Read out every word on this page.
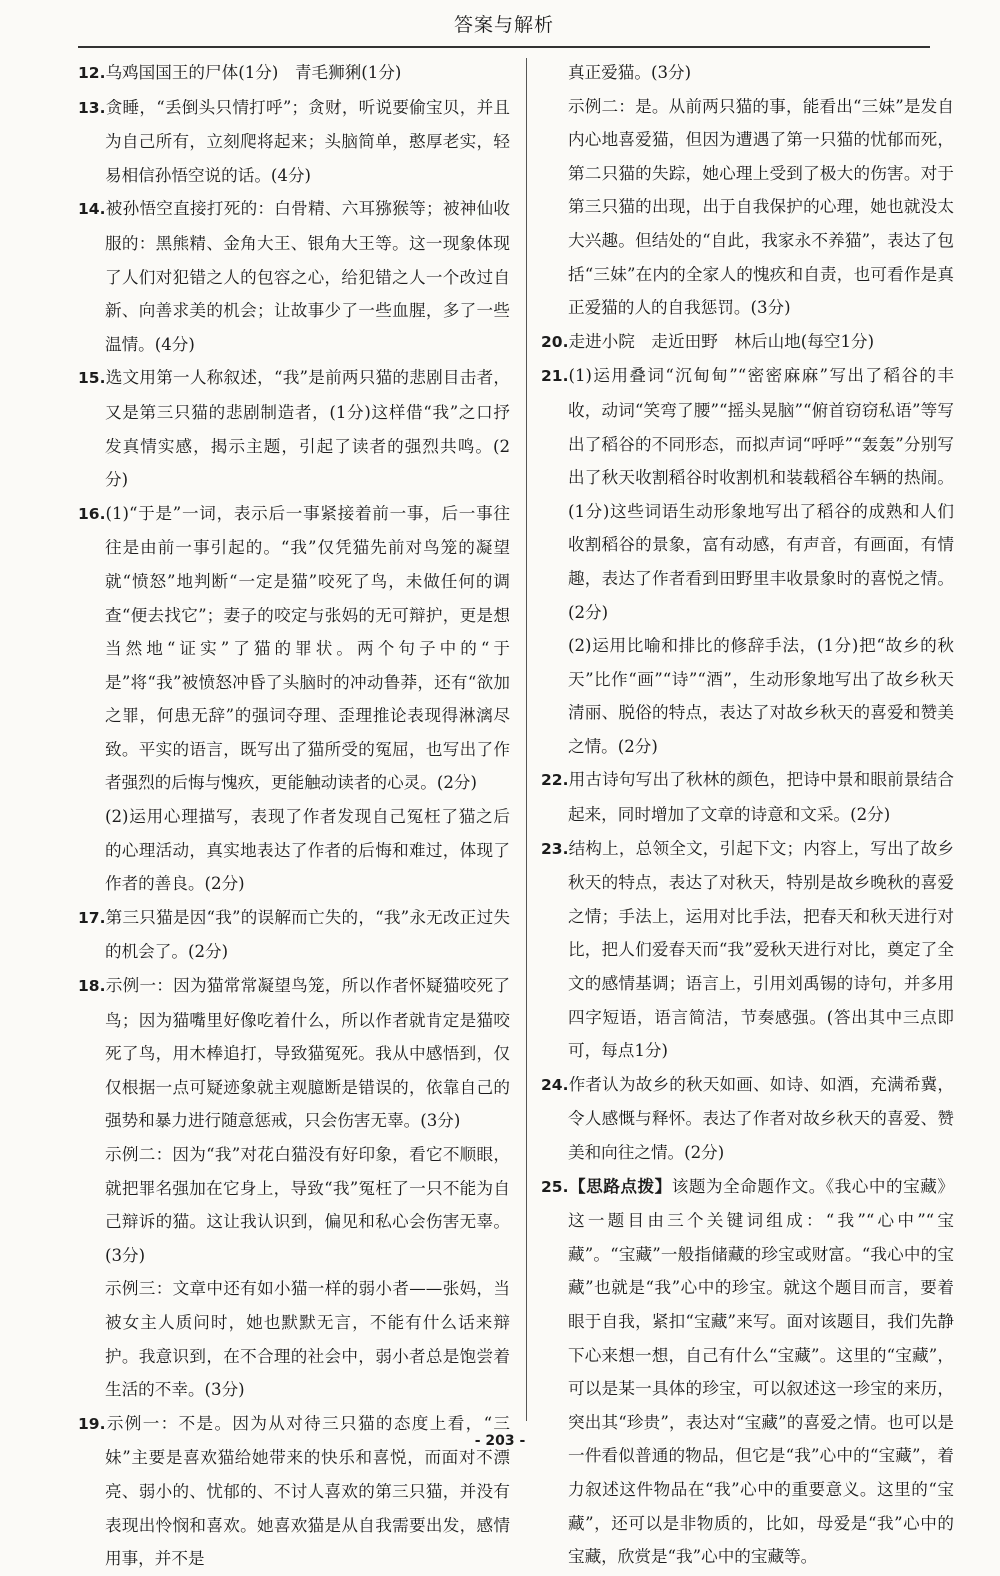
答案与解析
12.乌鸡国国王的尸体(1分)　青毛狮猁(1分)
13.贪睡，“丢倒头只情打呼”；贪财，听说要偷宝贝，并且为自己所有，立刻爬将起来；头脑简单，憨厚老实，轻易相信孙悟空说的话。(4分)
14.被孙悟空直接打死的：白骨精、六耳猕猴等；被神仙收服的：黑熊精、金角大王、银角大王等。这一现象体现了人们对犯错之人的包容之心，给犯错之人一个改过自新、向善求美的机会；让故事少了一些血腥，多了一些温情。(4分)
15.选文用第一人称叙述，“我”是前两只猫的悲剧目击者，又是第三只猫的悲剧制造者，(1分)这样借“我”之口抒发真情实感，揭示主题，引起了读者的强烈共鸣。(2分)
16.(1)“于是”一词，表示后一事紧接着前一事，后一事往往是由前一事引起的。“我”仅凭猫先前对鸟笼的凝望就“愤怒”地判断“一定是猫”咬死了鸟，未做任何的调查“便去找它”；妻子的咬定与张妈的无可辩护，更是想当然地“证实”了猫的罪状。两个句子中的“于是”将“我”被愤怒冲昏了头脑时的冲动鲁莽，还有“欲加之罪，何患无辞”的强词夺理、歪理推论表现得淋漓尽致。平实的语言，既写出了猫所受的冤屈，也写出了作者强烈的后悔与愧疚，更能触动读者的心灵。(2分)
(2)运用心理描写，表现了作者发现自己冤枉了猫之后的心理活动，真实地表达了作者的后悔和难过，体现了作者的善良。(2分)
17.第三只猫是因“我”的误解而亡失的，“我”永无改正过失的机会了。(2分)
18.示例一：因为猫常常凝望鸟笼，所以作者怀疑猫咬死了鸟；因为猫嘴里好像吃着什么，所以作者就肯定是猫咬死了鸟，用木棒追打，导致猫冤死。我从中感悟到，仅仅根据一点可疑迹象就主观臆断是错误的，依靠自己的强势和暴力进行随意惩戒，只会伤害无辜。(3分)
示例二：因为“我”对花白猫没有好印象，看它不顺眼，就把罪名强加在它身上，导致“我”冤枉了一只不能为自己辩诉的猫。这让我认识到，偏见和私心会伤害无辜。(3分)
示例三：文章中还有如小猫一样的弱小者——张妈，当被女主人质问时，她也默默无言，不能有什么话来辩护。我意识到，在不合理的社会中，弱小者总是饱尝着生活的不幸。(3分)
19.示例一：不是。因为从对待三只猫的态度上看，“三妹”主要是喜欢猫给她带来的快乐和喜悦，而面对不漂亮、弱小的、忧郁的、不讨人喜欢的第三只猫，并没有表现出怜悯和喜欢。她喜欢猫是从自我需要出发，感情用事，并不是
真正爱猫。(3分)
示例二：是。从前两只猫的事，能看出“三妹”是发自内心地喜爱猫，但因为遭遇了第一只猫的忧郁而死，第二只猫的失踪，她心理上受到了极大的伤害。对于第三只猫的出现，出于自我保护的心理，她也就没太大兴趣。但结处的“自此，我家永不养猫”，表达了包括“三妹”在内的全家人的愧疚和自责，也可看作是真正爱猫的人的自我惩罚。(3分)
20.走进小院　走近田野　林后山地(每空1分)
21.(1)运用叠词“沉甸甸”“密密麻麻”写出了稻谷的丰收，动词“笑弯了腰”“摇头晃脑”“俯首窃窃私语”等写出了稻谷的不同形态，而拟声词“呼呼”“轰轰”分别写出了秋天收割稻谷时收割机和装载稻谷车辆的热闹。(1分)这些词语生动形象地写出了稻谷的成熟和人们收割稻谷的景象，富有动感，有声音，有画面，有情趣，表达了作者看到田野里丰收景象时的喜悦之情。(2分)
(2)运用比喻和排比的修辞手法，(1分)把“故乡的秋天”比作“画”“诗”“酒”，生动形象地写出了故乡秋天清丽、脱俗的特点，表达了对故乡秋天的喜爱和赞美之情。(2分)
22.用古诗句写出了秋林的颜色，把诗中景和眼前景结合起来，同时增加了文章的诗意和文采。(2分)
23.结构上，总领全文，引起下文；内容上，写出了故乡秋天的特点，表达了对秋天，特别是故乡晚秋的喜爱之情；手法上，运用对比手法，把春天和秋天进行对比，把人们爱春天而“我”爱秋天进行对比，奠定了全文的感情基调；语言上，引用刘禹锡的诗句，并多用四字短语，语言简洁，节奏感强。(答出其中三点即可，每点1分)
24.作者认为故乡的秋天如画、如诗、如酒，充满希冀，令人感慨与释怀。表达了作者对故乡秋天的喜爱、赞美和向往之情。(2分)
25.【思路点拨】该题为全命题作文。《我心中的宝藏》这一题目由三个关键词组成：“我”“心中”“宝藏”。“宝藏”一般指储藏的珍宝或财富。“我心中的宝藏”也就是“我”心中的珍宝。就这个题目而言，要着眼于自我，紧扣“宝藏”来写。面对该题目，我们先静下心来想一想，自己有什么“宝藏”。这里的“宝藏”，可以是某一具体的珍宝，可以叙述这一珍宝的来历，突出其“珍贵”，表达对“宝藏”的喜爱之情。也可以是一件看似普通的物品，但它是“我”心中的“宝藏”，着力叙述这件物品在“我”心中的重要意义。这里的“宝藏”，还可以是非物质的，比如，母爱是“我”心中的宝藏，欣赏是“我”心中的宝藏等。
- 203 -
